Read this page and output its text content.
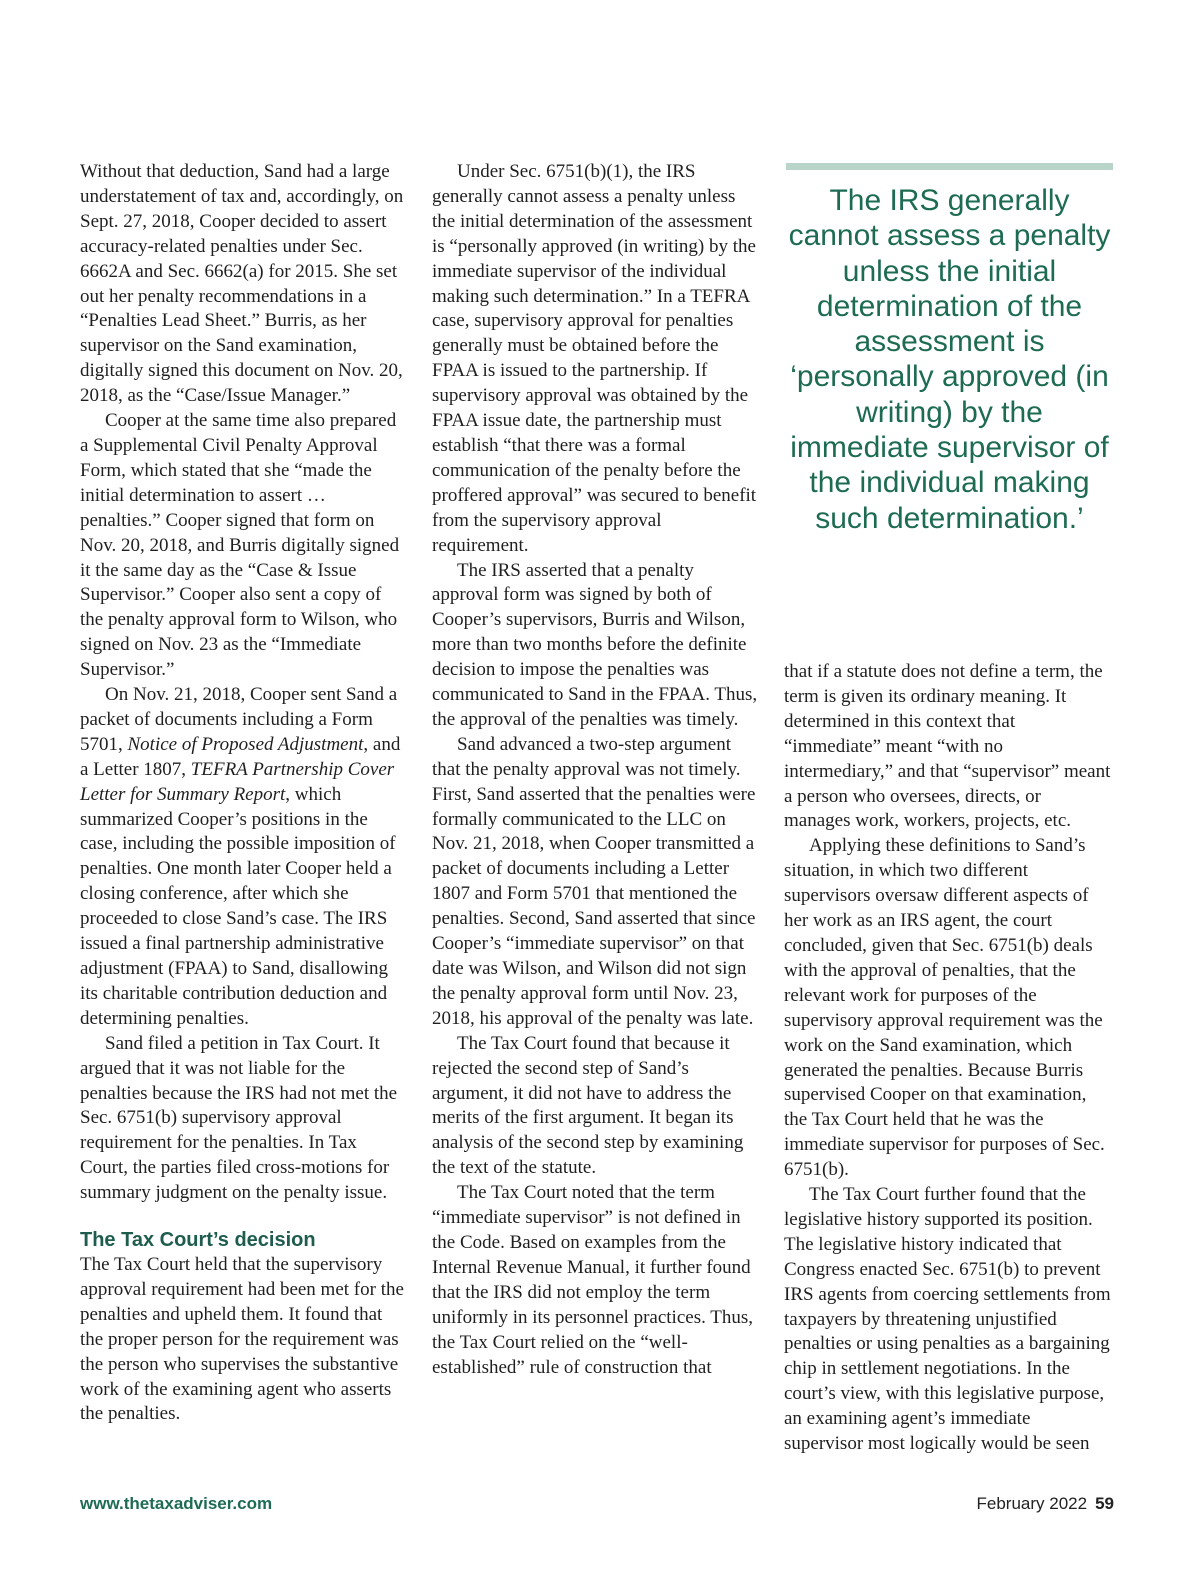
Without that deduction, Sand had a large understatement of tax and, accordingly, on Sept. 27, 2018, Cooper decided to assert accuracy-related penalties under Sec. 6662A and Sec. 6662(a) for 2015. She set out her penalty recommendations in a “Penalties Lead Sheet.” Burris, as her supervisor on the Sand examination, digitally signed this document on Nov. 20, 2018, as the “Case/Issue Manager.”

Cooper at the same time also prepared a Supplemental Civil Penalty Approval Form, which stated that she “made the initial determination to assert … penalties.” Cooper signed that form on Nov. 20, 2018, and Burris digitally signed it the same day as the “Case & Issue Supervisor.” Cooper also sent a copy of the penalty approval form to Wilson, who signed on Nov. 23 as the “Immediate Supervisor.”

On Nov. 21, 2018, Cooper sent Sand a packet of documents including a Form 5701, Notice of Proposed Adjustment, and a Letter 1807, TEFRA Partnership Cover Letter for Summary Report, which summarized Cooper’s positions in the case, including the possible imposition of penalties. One month later Cooper held a closing conference, after which she proceeded to close Sand’s case. The IRS issued a final partnership administrative adjustment (FPAA) to Sand, disallowing its charitable contribution deduction and determining penalties.

Sand filed a petition in Tax Court. It argued that it was not liable for the penalties because the IRS had not met the Sec. 6751(b) supervisory approval requirement for the penalties. In Tax Court, the parties filed cross-motions for summary judgment on the penalty issue.

The Tax Court’s decision

The Tax Court held that the supervisory approval requirement had been met for the penalties and upheld them. It found that the proper person for the requirement was the person who supervises the substantive work of the examining agent who asserts the penalties.

Under Sec. 6751(b)(1), the IRS generally cannot assess a penalty unless the initial determination of the assessment is “personally approved (in writing) by the immediate supervisor of the individual making such determination.” In a TEFRA case, supervisory approval for penalties generally must be obtained before the FPAA is issued to the partnership. If supervisory approval was obtained by the FPAA issue date, the partnership must establish “that there was a formal communication of the penalty before the proffered approval” was secured to benefit from the supervisory approval requirement.

The IRS asserted that a penalty approval form was signed by both of Cooper’s supervisors, Burris and Wilson, more than two months before the definite decision to impose the penalties was communicated to Sand in the FPAA. Thus, the approval of the penalties was timely.

Sand advanced a two-step argument that the penalty approval was not timely. First, Sand asserted that the penalties were formally communicated to the LLC on Nov. 21, 2018, when Cooper transmitted a packet of documents including a Letter 1807 and Form 5701 that mentioned the penalties. Second, Sand asserted that since Cooper’s “immediate supervisor” on that date was Wilson, and Wilson did not sign the penalty approval form until Nov. 23, 2018, his approval of the penalty was late.

The Tax Court found that because it rejected the second step of Sand’s argument, it did not have to address the merits of the first argument. It began its analysis of the second step by examining the text of the statute.

The Tax Court noted that the term “immediate supervisor” is not defined in the Code. Based on examples from the Internal Revenue Manual, it further found that the IRS did not employ the term uniformly in its personnel practices. Thus, the Tax Court relied on the “well-established” rule of construction that

The IRS generally cannot assess a penalty unless the initial determination of the assessment is ‘personally approved (in writing) by the immediate supervisor of the individual making such determination.’

that if a statute does not define a term, the term is given its ordinary meaning. It determined in this context that “immediate” meant “with no intermediary,” and that “supervisor” meant a person who oversees, directs, or manages work, workers, projects, etc.

Applying these definitions to Sand’s situation, in which two different supervisors oversaw different aspects of her work as an IRS agent, the court concluded, given that Sec. 6751(b) deals with the approval of penalties, that the relevant work for purposes of the supervisory approval requirement was the work on the Sand examination, which generated the penalties. Because Burris supervised Cooper on that examination, the Tax Court held that he was the immediate supervisor for purposes of Sec. 6751(b).

The Tax Court further found that the legislative history supported its position. The legislative history indicated that Congress enacted Sec. 6751(b) to prevent IRS agents from coercing settlements from taxpayers by threatening unjustified penalties or using penalties as a bargaining chip in settlement negotiations. In the court’s view, with this legislative purpose, an examining agent’s immediate supervisor most logically would be seen

www.thetaxadviser.com	February 2022 59
